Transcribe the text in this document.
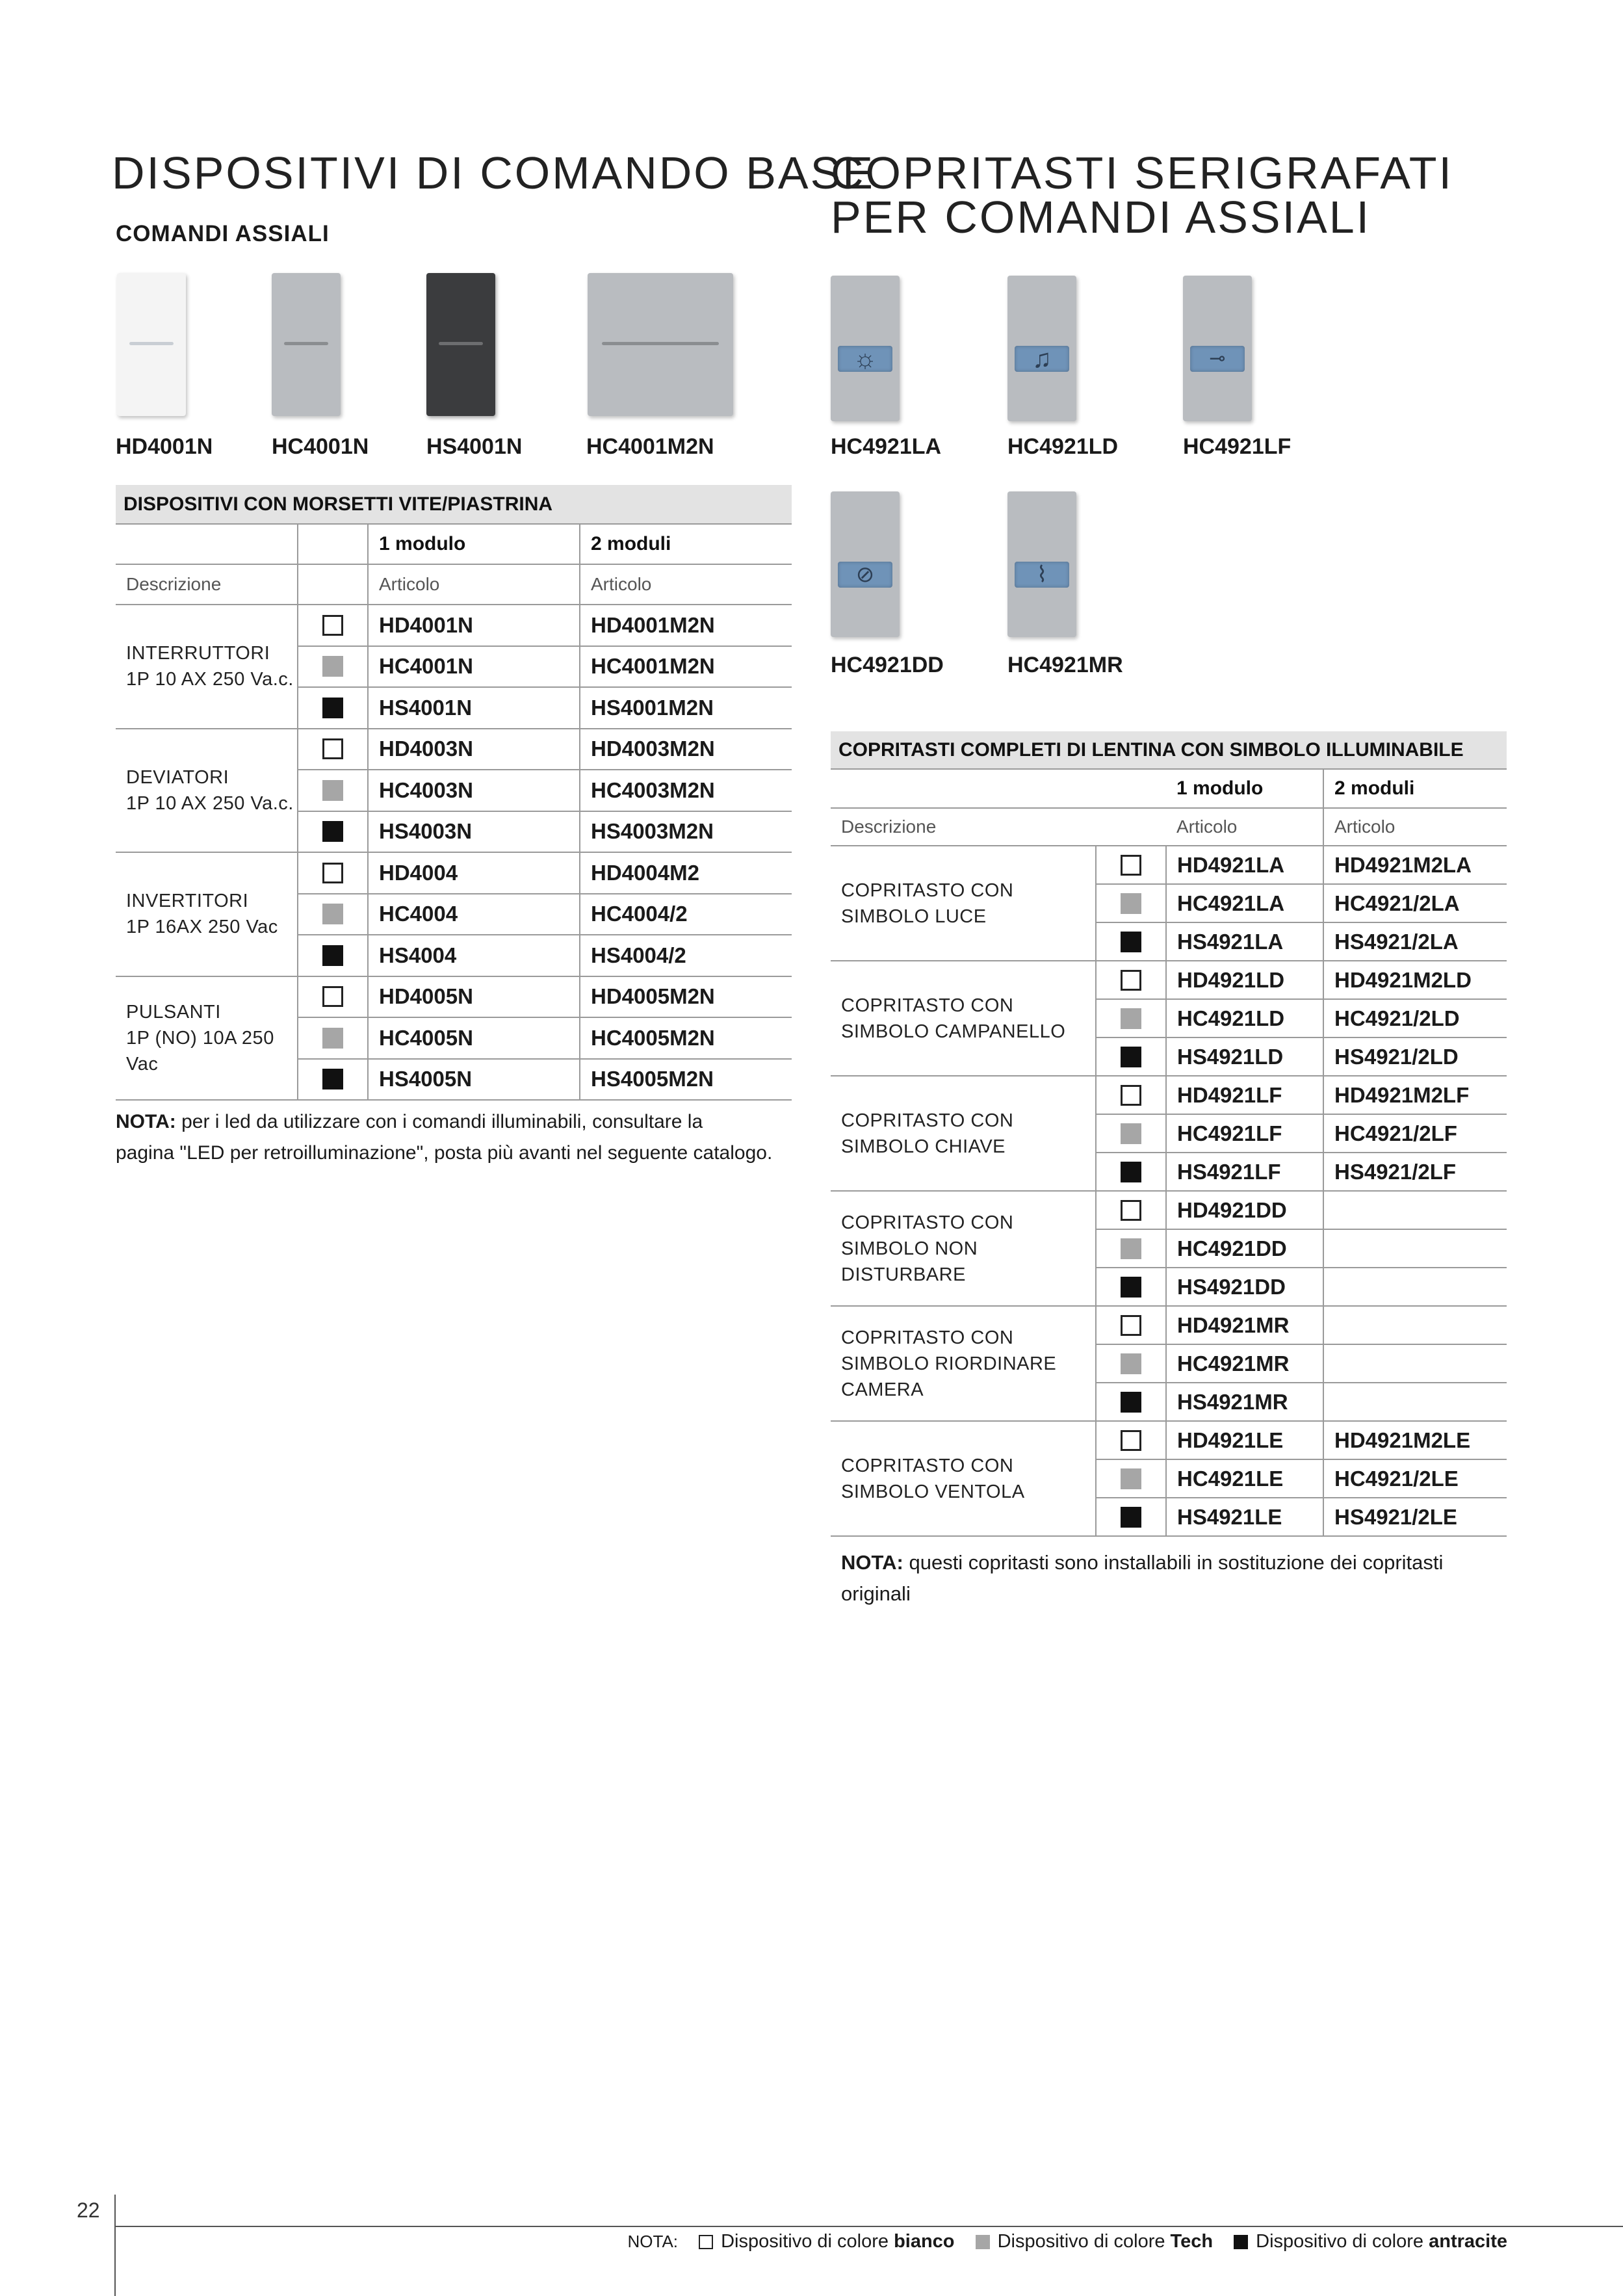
DISPOSITIVI DI COMANDO BASE
COMANDI ASSIALI
HD4001N	HC4001N	HS4001N	HC4001M2N
DISPOSITIVI CON MORSETTI VITE/PIASTRINA			
		1 modulo	2 moduli
Descrizione		Articolo	Articolo

INTERRUTTORI
1P 10 AX 250 Va.c.		HD4001N	HD4001M2N
		HC4001N	HC4001M2N
		HS4001N	HS4001M2N

DEVIATORI
1P 10 AX 250 Va.c.		HD4003N	HD4003M2N
		HC4003N	HC4003M2N
		HS4003N	HS4003M2N

INVERTITORI
1P 16AX 250 Vac		HD4004	HD4004M2
		HC4004	HC4004/2
		HS4004	HS4004/2

PULSANTI
1P (NO) 10A 250 Vac		HD4005N	HD4005M2N
		HC4005N	HC4005M2N
		HS4005N	HS4005M2N
NOTA: per i led da utilizzare con i comandi illuminabili, consultare la
pagina "LED per retroilluminazione", posta più avanti nel seguente catalogo.
COPRITASTI SERIGRAFATI
PER COMANDI ASSIALI
☼	♫	⊸
HC4921LA	HC4921LD	HC4921LF
⊘	⌇
HC4921DD	HC4921MR
COPRITASTI COMPLETI DI LENTINA CON SIMBOLO ILLUMINABILE			
		1 modulo	2 moduli
Descrizione		Articolo	Articolo

COPRITASTO CON
SIMBOLO LUCE		HD4921LA	HD4921M2LA
		HC4921LA	HC4921/2LA
		HS4921LA	HS4921/2LA

COPRITASTO CON
SIMBOLO CAMPANELLO		HD4921LD	HD4921M2LD
		HC4921LD	HC4921/2LD
		HS4921LD	HS4921/2LD

COPRITASTO CON
SIMBOLO CHIAVE		HD4921LF	HD4921M2LF
		HC4921LF	HC4921/2LF
		HS4921LF	HS4921/2LF

COPRITASTO CON
SIMBOLO NON DISTURBARE		HD4921DD	
		HC4921DD	
		HS4921DD	

COPRITASTO CON
SIMBOLO RIORDINARE CAMERA		HD4921MR	
		HC4921MR	
		HS4921MR	

COPRITASTO CON
SIMBOLO VENTOLA		HD4921LE	HD4921M2LE
		HC4921LE	HC4921/2LE
		HS4921LE	HS4921/2LE
NOTA: questi copritasti sono installabili in sostituzione dei copritasti originali
22
NOTA: Dispositivo di colore bianco Dispositivo di colore Tech Dispositivo di colore antracite
